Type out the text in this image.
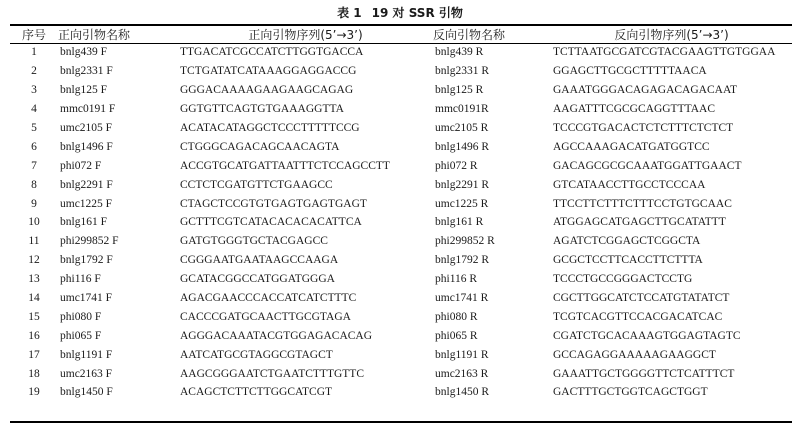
表 1 19 对 SSR 引物
序号	正向引物名称	正向引物序列(5’→3’)	反向引物名称	反向引物序列(5’→3’)
1	bnlg439 F	TTGACATCGCCATCTTGGTGACCA	bnlg439 R	TCTTAATGCGATCGTACGAAGTTGTGGAA
2	bnlg2331 F	TCTGATATCATAAAGGAGGACCG	bnlg2331 R	GGAGCTTGCGCTTTTTAACA
3	bnlg125 F	GGGACAAAAGAAGAAGCAGAG	bnlg125 R	GAAATGGGACAGAGACAGACAAT
4	mmc0191 F	GGTGTTCAGTGTGAAAGGTTA	mmc0191R	AAGATTTCGCGCAGGTTTAAC
5	umc2105 F	ACATACATAGGCTCCCTTTTTCCG	umc2105 R	TCCCGTGACACTCTCTTTCTCTCT
6	bnlg1496 F	CTGGGCAGACAGCAACAGTA	bnlg1496 R	AGCCAAAGACATGATGGTCC
7	phi072 F	ACCGTGCATGATTAATTTCTCCAGCCTT	phi072 R	GACAGCGCGCAAATGGATTGAACT
8	bnlg2291 F	CCTCTCGATGTTCTGAAGCC	bnlg2291 R	GTCATAACCTTGCCTCCCAA
9	umc1225 F	CTAGCTCCGTGTGAGTGAGTGAGT	umc1225 R	TTCCTTCTTTCTTTCCTGTGCAAC
10	bnlg161 F	GCTTTCGTCATACACACACATTCA	bnlg161 R	ATGGAGCATGAGCTTGCATATTT
11	phi299852 F	GATGTGGGTGCTACGAGCC	phi299852 R	AGATCTCGGAGCTCGGCTA
12	bnlg1792 F	CGGGAATGAATAAGCCAAGA	bnlg1792 R	GCGCTCCTTCACCTTCTTTA
13	phi116 F	GCATACGGCCATGGATGGGA	phi116 R	TCCCTGCCGGGACTCCTG
14	umc1741 F	AGACGAACCCACCATCATCTTTC	umc1741 R	CGCTTGGCATCTCCATGTATATCT
15	phi080 F	CACCCGATGCAACTTGCGTAGA	phi080 R	TCGTCACGTTCCACGACATCAC
16	phi065 F	AGGGACAAATACGTGGAGACACAG	phi065 R	CGATCTGCACAAAGTGGAGTAGTC
17	bnlg1191 F	AATCATGCGTAGGCGTAGCT	bnlg1191 R	GCCAGAGGAAAAAGAAGGCT
18	umc2163 F	AAGCGGGAATCTGAATCTTTGTTC	umc2163 R	GAAATTGCTGGGGTTCTCATTTCT
19	bnlg1450 F	ACAGCTCTTCTTGGCATCGT	bnlg1450 R	GACTTTGCTGGTCAGCTGGT
